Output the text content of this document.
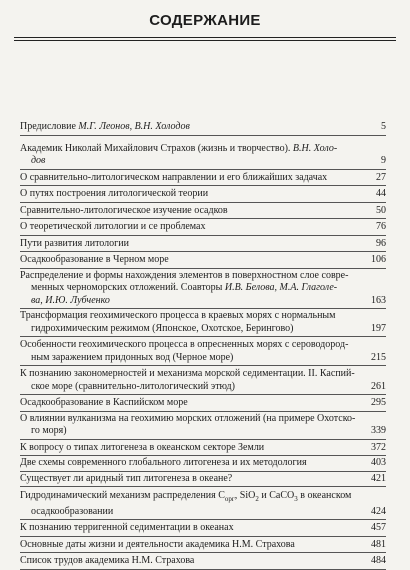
СОДЕРЖАНИЕ
Предисловие М.Г. Леонов, В.Н. Холодов	5
Академик Николай Михайлович Страхов (жизнь и творчество). В.Н. Холо-
дов	9
О сравнительно-литологическом направлении и его ближайших задачах	27
О путях построения литологической теории	44
Сравнительно-литологическое изучение осадков	50
О теоретической литологии и се проблемах	76
Пути развития литологии	96
Осадкообразование в Черном море	106
Распределение и формы нахождения элементов в поверхностном слое совре-
менных черноморских отложений. Соавторы И.В. Белова, М.А. Глаголе-
ва, И.Ю. Лубченко	163
Трансформация геохимического процесса в краевых морях с нормальным
гидрохимическим режимом (Японское, Охотское, Берингово)	197
Особенности геохимического процесса в опресненных морях с сероводород-
ным заражением придонных вод (Черное море)	215
К познанию закономерностей и механизма морской седиментации. II. Каспий-
ское море (сравнительно-литологический этюд)	261
Осадкообразование в Каспийском море	295
О влиянии вулканизма на геохимию морских отложений (на примере Охотско-
го моря)	339
К вопросу о типах литогенеза в океанском секторе Земли	372
Две схемы современного глобального литогенеза и их методология	403
Существует ли аридный тип литогенеза в океане?	421
Гидродинамический механизм распределения $C_{орг}$, SiO$_2$ и CaCO$_3$ в океанском
осадкообразовании	424
К познанию терригенной седиментации в океанах	457
Основные даты жизни и деятельности академика Н.М. Страхова	481
Список трудов академика Н.М. Страхова	484
